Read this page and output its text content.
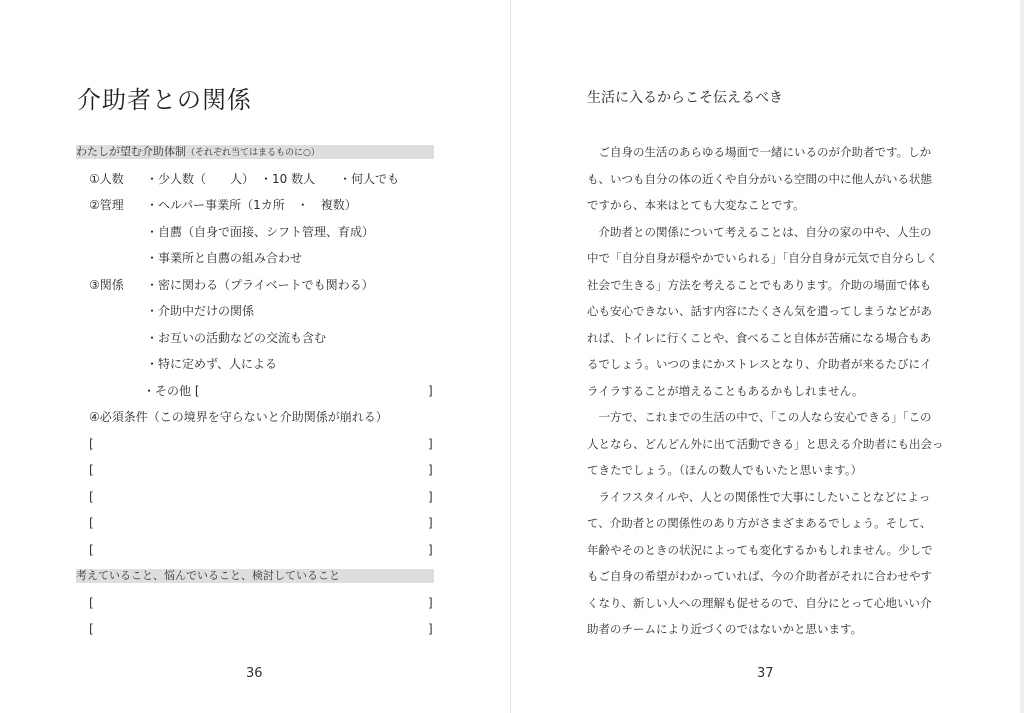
介助者との関係
わたしが望む介助体制（それぞれ当てはまるものに○）
①人数 ・少人数（　　人）　・10 数人　　・何人でも
②管理 ・ヘルパー事業所（1カ所　・　複数）
・自薦（自身で面接、シフト管理、育成）
・事業所と自薦の組み合わせ
③関係 ・密に関わる（プライベートでも関わる）
・介助中だけの関係
・お互いの活動などの交流も含む
・特に定めず、人による
・その他 [	]
④必須条件（この境界を守らないと介助関係が崩れる）
[	]
[	]
[	]
[	]
[	]
考えていること、悩んでいること、検討していること
[	]
[	]
36
生活に入るからこそ伝えるべき
　ご自身の生活のあらゆる場面で一緒にいるのが介助者です。しか
も、いつも自分の体の近くや自分がいる空間の中に他人がいる状態
ですから、本来はとても大変なことです。
　介助者との関係について考えることは、自分の家の中や、人生の
中で「自分自身が穏やかでいられる」「自分自身が元気で自分らしく
社会で生きる」方法を考えることでもあります。介助の場面で体も
心も安心できない、話す内容にたくさん気を遣ってしまうなどがあ
れば、トイレに行くことや、食べること自体が苦痛になる場合もあ
るでしょう。いつのまにかストレスとなり、介助者が来るたびにイ
ライラすることが増えることもあるかもしれません。
　一方で、これまでの生活の中で、「この人なら安心できる」「この
人となら、どんどん外に出て活動できる」と思える介助者にも出会っ
てきたでしょう。（ほんの数人でもいたと思います。）
　ライフスタイルや、人との関係性で大事にしたいことなどによっ
て、介助者との関係性のあり方がさまざまあるでしょう。そして、
年齢やそのときの状況によっても変化するかもしれません。少しで
もご自身の希望がわかっていれば、今の介助者がそれに合わせやす
くなり、新しい人への理解も促せるので、自分にとって心地いい介
助者のチームにより近づくのではないかと思います。
37
